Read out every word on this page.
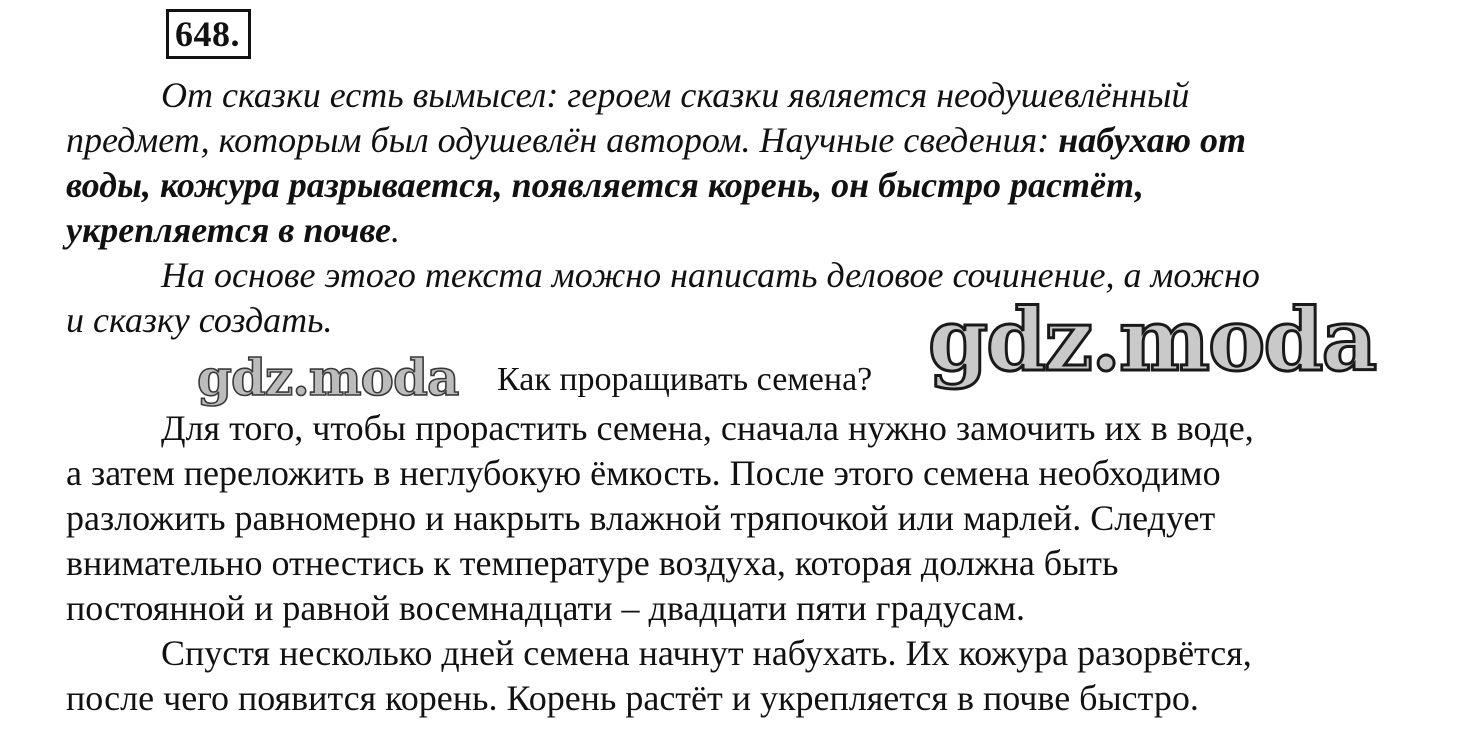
648.
От сказки есть вымысел: героем сказки является неодушевлённый
предмет, которым был одушевлён автором. Научные сведения: набухаю от
воды, кожура разрывается, появляется корень, он быстро растёт,
укрепляется в почве.
На основе этого текста можно написать деловое сочинение, а можно
и сказку создать.
Как проращивать семена?
Для того, чтобы прорастить семена, сначала нужно замочить их в воде,
а затем переложить в неглубокую ёмкость. После этого семена необходимо
разложить равномерно и накрыть влажной тряпочкой или марлей. Следует
внимательно отнестись к температуре воздуха, которая должна быть
постоянной и равной восемнадцати – двадцати пяти градусам.
Спустя несколько дней семена начнут набухать. Их кожура разорвётся,
после чего появится корень. Корень растёт и укрепляется в почве быстро.
gdz.moda
gdz.moda
